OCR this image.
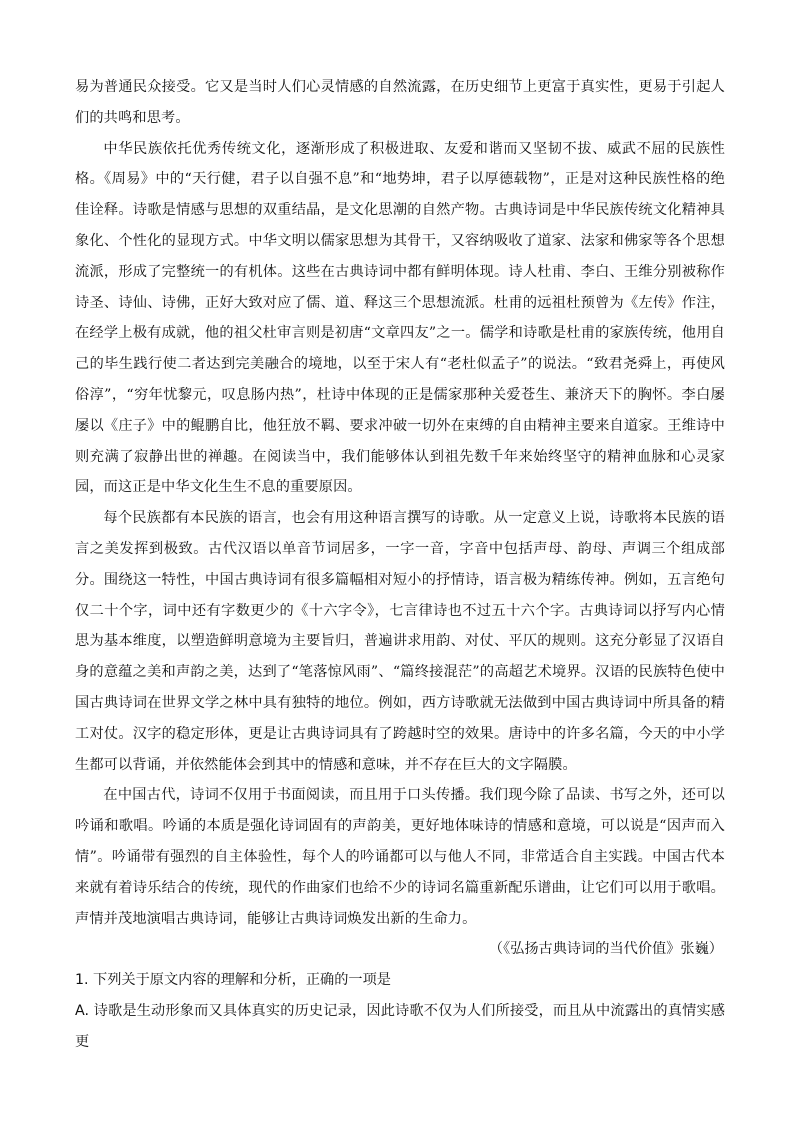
易为普通民众接受。它又是当时人们心灵情感的自然流露，在历史细节上更富于真实性，更易于引起人们的共鸣和思考。

中华民族依托优秀传统文化，逐渐形成了积极进取、友爱和谐而又坚韧不拔、威武不屈的民族性格。《周易》中的“天行健，君子以自强不息”和“地势坤，君子以厚德载物”，正是对这种民族性格的绝佳诠释。诗歌是情感与思想的双重结晶，是文化思潮的自然产物。古典诗词是中华民族传统文化精神具象化、个性化的显现方式。中华文明以儒家思想为其骨干，又容纳吸收了道家、法家和佛家等各个思想流派，形成了完整统一的有机体。这些在古典诗词中都有鲜明体现。诗人杜甫、李白、王维分别被称作诗圣、诗仙、诗佛，正好大致对应了儒、道、释这三个思想流派。杜甫的远祖杜预曾为《左传》作注，在经学上极有成就，他的祖父杜审言则是初唐“文章四友”之一。儒学和诗歌是杜甫的家族传统，他用自己的毕生践行使二者达到完美融合的境地，以至于宋人有“老杜似孟子”的说法。“致君尧舜上，再使风俗淳”，“穷年忧黎元，叹息肠内热”，杜诗中体现的正是儒家那种关爱苍生、兼济天下的胸怀。李白屡屡以《庄子》中的鲲鹏自比，他狂放不羁、要求冲破一切外在束缚的自由精神主要来自道家。王维诗中则充满了寂静出世的禅趣。在阅读当中，我们能够体认到祖先数千年来始终坚守的精神血脉和心灵家园，而这正是中华文化生生不息的重要原因。

每个民族都有本民族的语言，也会有用这种语言撰写的诗歌。从一定意义上说，诗歌将本民族的语言之美发挥到极致。古代汉语以单音节词居多，一字一音，字音中包括声母、韵母、声调三个组成部分。围绕这一特性，中国古典诗词有很多篇幅相对短小的抒情诗，语言极为精练传神。例如，五言绝句仅二十个字，词中还有字数更少的《十六字令》，七言律诗也不过五十六个字。古典诗词以抒写内心情思为基本维度，以塑造鲜明意境为主要旨归，普遍讲求用韵、对仗、平仄的规则。这充分彰显了汉语自身的意蕴之美和声韵之美，达到了“笔落惊风雨”、“篇终接混茫”的高超艺术境界。汉语的民族特色使中国古典诗词在世界文学之林中具有独特的地位。例如，西方诗歌就无法做到中国古典诗词中所具备的精工对仗。汉字的稳定形体，更是让古典诗词具有了跨越时空的效果。唐诗中的许多名篇，今天的中小学生都可以背诵，并依然能体会到其中的情感和意味，并不存在巨大的文字隔膜。

在中国古代，诗词不仅用于书面阅读，而且用于口头传播。我们现今除了品读、书写之外，还可以吟诵和歌唱。吟诵的本质是强化诗词固有的声韵美，更好地体味诗的情感和意境，可以说是“因声而入情”。吟诵带有强烈的自主体验性，每个人的吟诵都可以与他人不同，非常适合自主实践。中国古代本来就有着诗乐结合的传统，现代的作曲家们也给不少的诗词名篇重新配乐谱曲，让它们可以用于歌唱。声情并茂地演唱古典诗词，能够让古典诗词焕发出新的生命力。

（《弘扬古典诗词的当代价值》张巍）

1. 下列关于原文内容的理解和分析，正确的一项是

A. 诗歌是生动形象而又具体真实的历史记录，因此诗歌不仅为人们所接受，而且从中流露出的真情实感更
